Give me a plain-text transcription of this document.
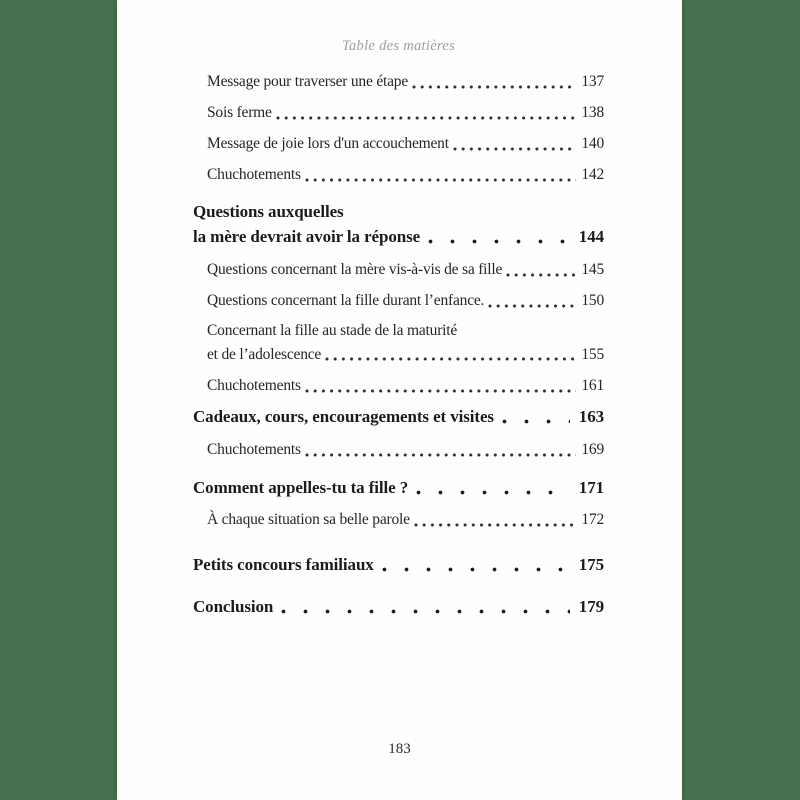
Table des matières
Message pour traverser une étape	137
Sois ferme	138
Message de joie lors d'un accouchement	140
Chuchotements	142
Questions auxquelles
la mère devrait avoir la réponse	144
Questions concernant la mère vis-à-vis de sa fille	145
Questions concernant la fille durant l’enfance.	150
Concernant la fille au stade de la maturité
et de l’adolescence	155
Chuchotements	161
Cadeaux, cours, encouragements et visites	163
Chuchotements	169
Comment appelles-tu ta fille ?	171
À chaque situation sa belle parole	172
Petits concours familiaux	175
Conclusion	179
183
